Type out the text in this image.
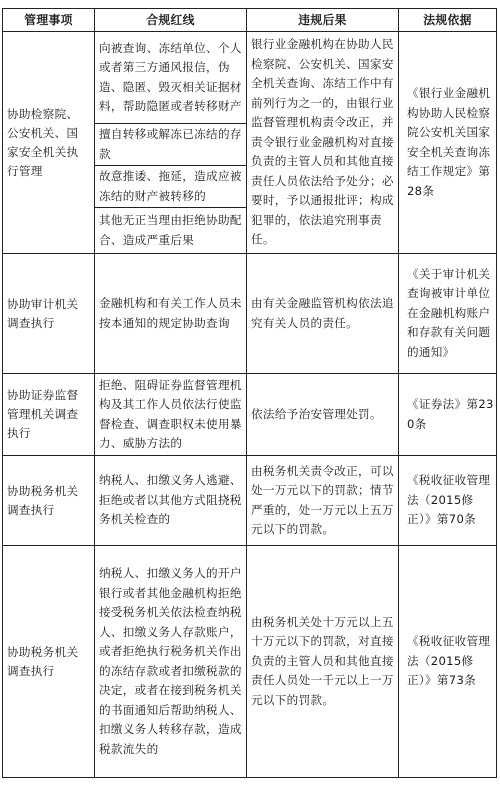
管理事项	合规红线	违规后果	法规依据
协助检察院、公安机关、国家安全机关执行管理	向被查询、冻结单位、个人或者第三方通风报信，伪造、隐匿、毁灭相关证据材料，帮助隐匿或者转移财产	银行业金融机构在协助人民检察院、公安机关、国家安全机关查询、冻结工作中有前列行为之一的，由银行业监督管理机构责令改正，并责令银行业金融机构对直接负责的主管人员和其他直接责任人员依法给予处分；必要时，予以通报批评；构成犯罪的，依法追究刑事责任。	《银行业金融机构协助人民检察院公安机关国家安全机关查询冻结工作规定》第28条
	擅自转移或解冻已冻结的存款		
	故意推诿、拖延，造成应被冻结的财产被转移的		
	其他无正当理由拒绝协助配合、造成严重后果		
协助审计机关调查执行	金融机构和有关工作人员未按本通知的规定协助查询	由有关金融监管机构依法追究有关人员的责任。	《关于审计机关查询被审计单位在金融机构账户和存款有关问题的通知》
协助证券监督管理机关调查执行	拒绝、阻碍证券监督管理机构及其工作人员依法行使监督检查、调查职权未使用暴力、威胁方法的	依法给予治安管理处罚。	《证券法》第230条
协助税务机关调查执行	纳税人、扣缴义务人逃避、拒绝或者以其他方式阻挠税务机关检查的	由税务机关责令改正，可以处一万元以下的罚款；情节严重的，处一万元以上五万元以下的罚款。	《税收征收管理法（2015修正）》第70条
协助税务机关调查执行	纳税人、扣缴义务人的开户银行或者其他金融机构拒绝接受税务机关依法检查纳税人、扣缴义务人存款账户，或者拒绝执行税务机关作出的冻结存款或者扣缴税款的决定，或者在接到税务机关的书面通知后帮助纳税人、扣缴义务人转移存款，造成税款流失的	由税务机关处十万元以上五十万元以下的罚款，对直接负责的主管人员和其他直接责任人员处一千元以上一万元以下的罚款。	《税收征收管理法（2015修正）》第73条
